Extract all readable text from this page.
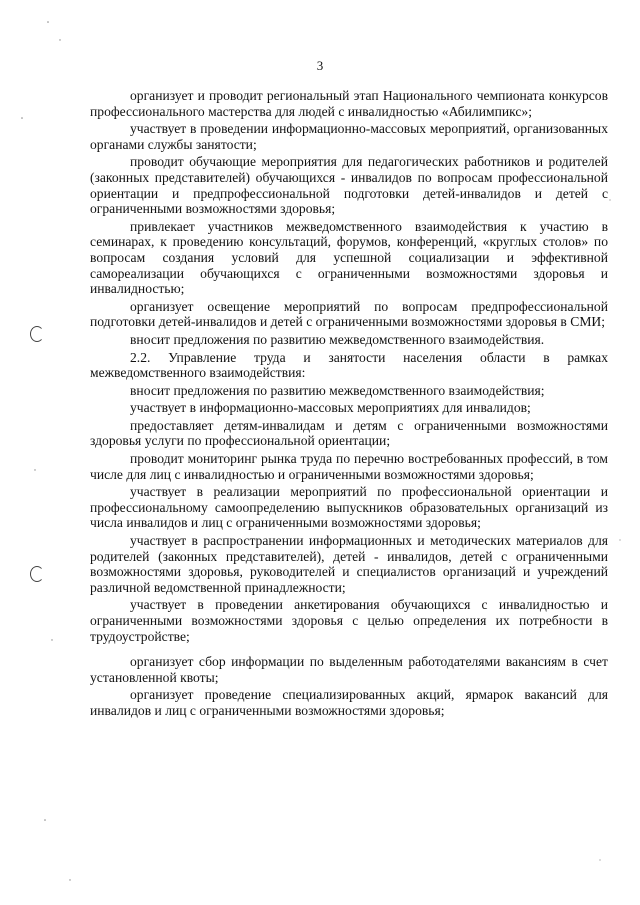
3

организует и проводит региональный этап Национального чемпионата конкурсов профессионального мастерства для людей с инвалидностью «Абилимпикс»;

участвует в проведении информационно-массовых мероприятий, организованных органами службы занятости;

проводит обучающие мероприятия для педагогических работников и родителей (законных представителей) обучающихся - инвалидов по вопросам профессиональной ориентации и предпрофессиональной подготовки детей-инвалидов и детей с ограниченными возможностями здоровья;

привлекает участников межведомственного взаимодействия к участию в семинарах, к проведению консультаций, форумов, конференций, «круглых столов» по вопросам создания условий для успешной социализации и эффективной самореализации обучающихся с ограниченными возможностями здоровья и инвалидностью;

организует освещение мероприятий по вопросам предпрофессиональной подготовки детей-инвалидов и детей с ограниченными возможностями здоровья в СМИ;

вносит предложения по развитию межведомственного взаимодействия.

2.2. Управление труда и занятости населения области в рамках межведомственного взаимодействия:

вносит предложения по развитию межведомственного взаимодействия;

участвует в информационно-массовых мероприятиях для инвалидов;

предоставляет детям-инвалидам и детям с ограниченными возможностями здоровья услуги по профессиональной ориентации;

проводит мониторинг рынка труда по перечню востребованных профессий, в том числе для лиц с инвалидностью и ограниченными возможностями здоровья;

участвует в реализации мероприятий по профессиональной ориентации и профессиональному самоопределению выпускников образовательных организаций из числа инвалидов и лиц с ограниченными возможностями здоровья;

участвует в распространении информационных и методических материалов для родителей (законных представителей), детей - инвалидов, детей с ограниченными возможностями здоровья, руководителей и специалистов организаций и учреждений различной ведомственной принадлежности;

участвует в проведении анкетирования обучающихся с инвалидностью и ограниченными возможностями здоровья с целью определения их потребности в трудоустройстве;

организует сбор информации по выделенным работодателями вакансиям в счет установленной квоты;

организует проведение специализированных акций, ярмарок вакансий для инвалидов и лиц с ограниченными возможностями здоровья;
